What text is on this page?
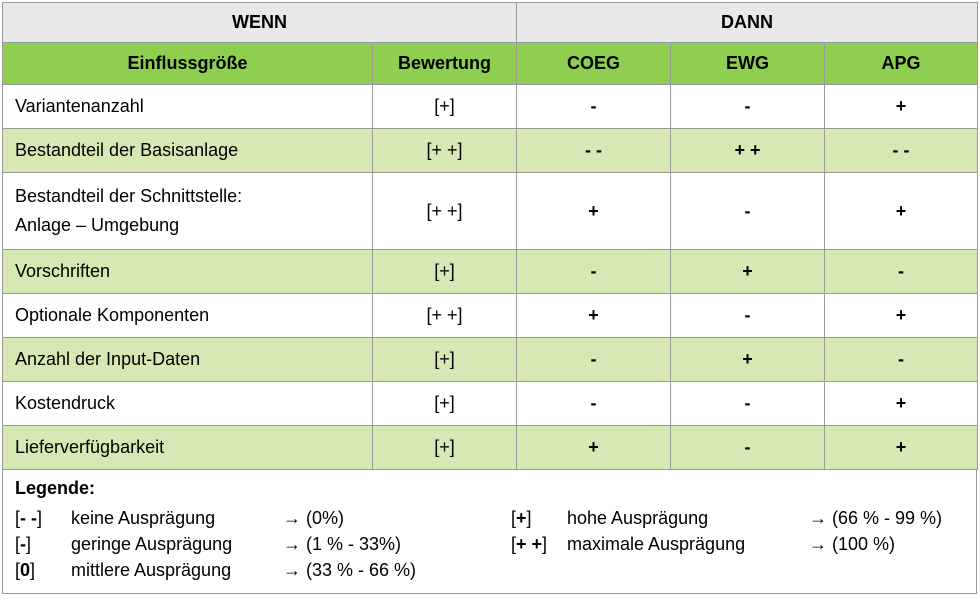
WENN		DANN		
Einflussgröße	Bewertung	COEG	EWG	APG
Variantenanzahl	[+]	-	-	+
Bestandteil der Basisanlage	[+ +]	- -	+ +	- -
Bestandteil der Schnittstelle:
Anlage – Umgebung	[+ +]	+	-	+
Vorschriften	[+]	-	+	-
Optionale Komponenten	[+ +]	+	-	+
Anzahl der Input-Daten	[+]	-	+	-
Kostendruck	[+]	-	-	+
Lieferverfügbarkeit	[+]	+	-	+
Legende:
[- -] keine Ausprägung	→ (0%)
[-] geringe Ausprägung	→ (1 % - 33%)
[0] mittlere Ausprägung	→ (33 % - 66 %)
[+] hohe Ausprägung	→ (66 % - 99 %)
[+ +] maximale Ausprägung	→ (100 %)
